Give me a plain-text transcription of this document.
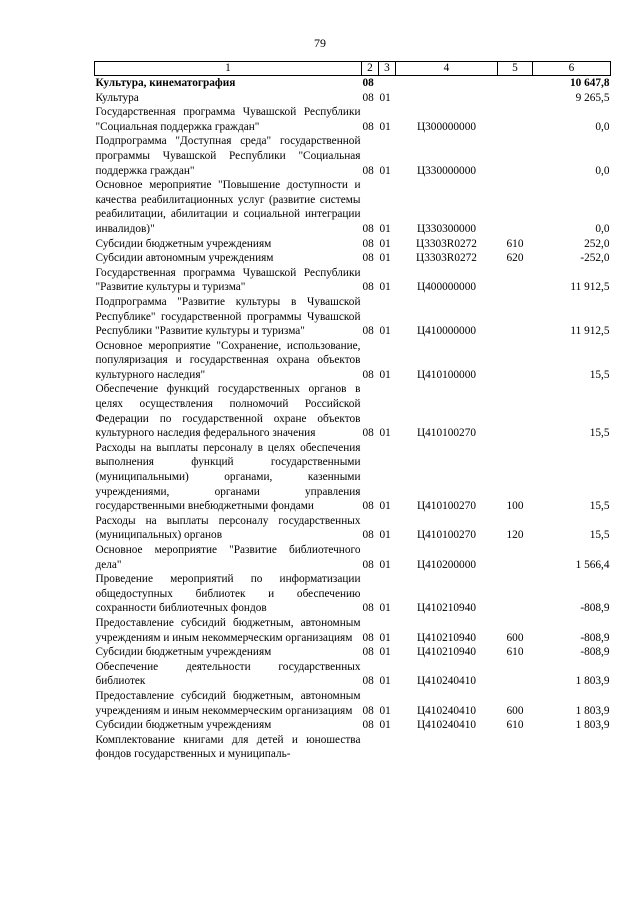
79
1	2	3	4	5	6
Культура, кинематография	08				10 647,8
Культура	08	01			9 265,5
Государственная программа Чувашской Республики "Социальная поддержка граждан"	08	01	Ц300000000		0,0
Подпрограмма "Доступная среда" государственной программы Чувашской Республики "Социальная поддержка граждан"	08	01	Ц330000000		0,0
Основное мероприятие "Повышение доступности и качества реабилитационных услуг (развитие системы реабилитации, абилитации и социальной интеграции инвалидов)"	08	01	Ц330300000		0,0
Субсидии бюджетным учреждениям	08	01	Ц3303R0272	610	252,0
Субсидии автономным учреждениям	08	01	Ц3303R0272	620	-252,0
Государственная программа Чувашской Республики "Развитие культуры и туризма"	08	01	Ц400000000		11 912,5
Подпрограмма "Развитие культуры в Чувашской Республике" государственной программы Чувашской Республики "Развитие культуры и туризма"	08	01	Ц410000000		11 912,5
Основное мероприятие "Сохранение, использование, популяризация и государственная охрана объектов культурного наследия"	08	01	Ц410100000		15,5
Обеспечение функций государственных органов в целях осуществления полномочий Российской Федерации по государственной охране объектов культурного наследия федерального значения	08	01	Ц410100270		15,5
Расходы на выплаты персоналу в целях обеспечения выполнения функций государственными (муниципальными) органами, казенными учреждениями, органами управления государственными внебюджетными фондами	08	01	Ц410100270	100	15,5
Расходы на выплаты персоналу государственных (муниципальных) органов	08	01	Ц410100270	120	15,5
Основное мероприятие "Развитие библиотечного дела"	08	01	Ц410200000		1 566,4
Проведение мероприятий по информатизации общедоступных библиотек и обеспечению сохранности библиотечных фондов	08	01	Ц410210940		-808,9
Предоставление субсидий бюджетным, автономным учреждениям и иным некоммерческим организациям	08	01	Ц410210940	600	-808,9
Субсидии бюджетным учреждениям	08	01	Ц410210940	610	-808,9
Обеспечение деятельности государственных библиотек	08	01	Ц410240410		1 803,9
Предоставление субсидий бюджетным, автономным учреждениям и иным некоммерческим организациям	08	01	Ц410240410	600	1 803,9
Субсидии бюджетным учреждениям	08	01	Ц410240410	610	1 803,9
Комплектование книгами для детей и юношества фондов государственных и муниципаль-					
